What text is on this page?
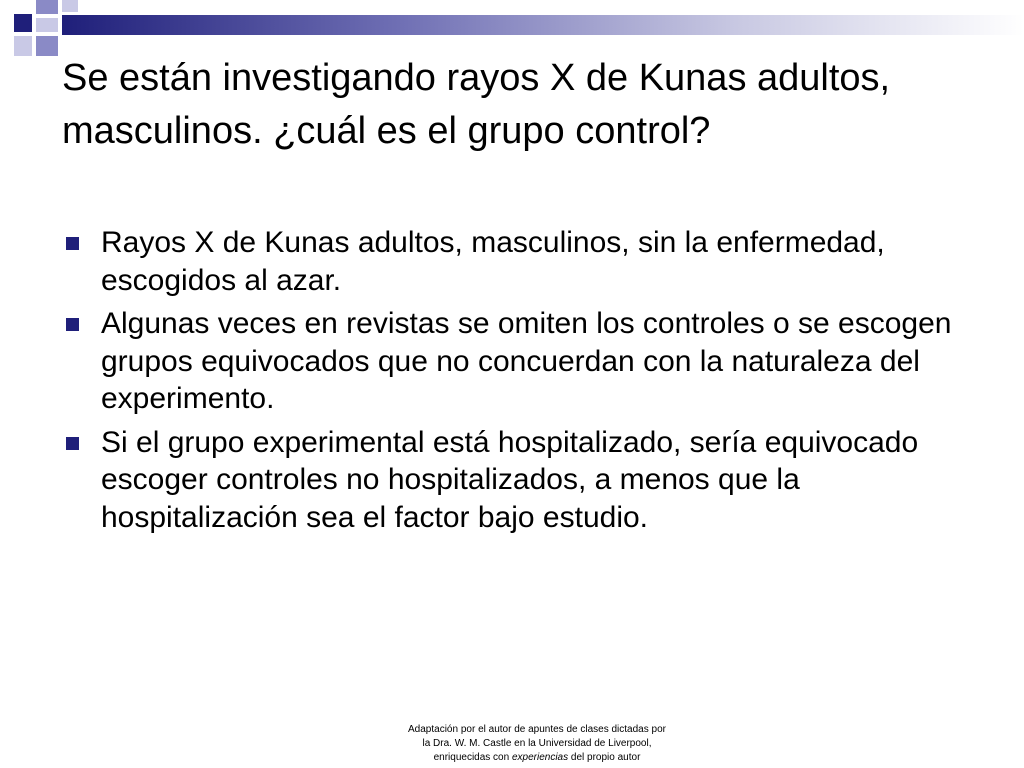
Se están investigando rayos X de Kunas adultos, masculinos. ¿cuál es el grupo control?
Rayos X de Kunas adultos, masculinos, sin la enfermedad, escogidos al azar.
Algunas veces en revistas se omiten los controles o se escogen grupos equivocados que no concuerdan con la naturaleza del experimento.
Si el grupo experimental está hospitalizado, sería equivocado escoger controles no hospitalizados, a menos que la hospitalización sea el factor bajo estudio.
Adaptación por el autor de apuntes de clases dictadas por
la Dra. W. M. Castle en la Universidad de Liverpool,
enriquecidas con experiencias del propio autor
